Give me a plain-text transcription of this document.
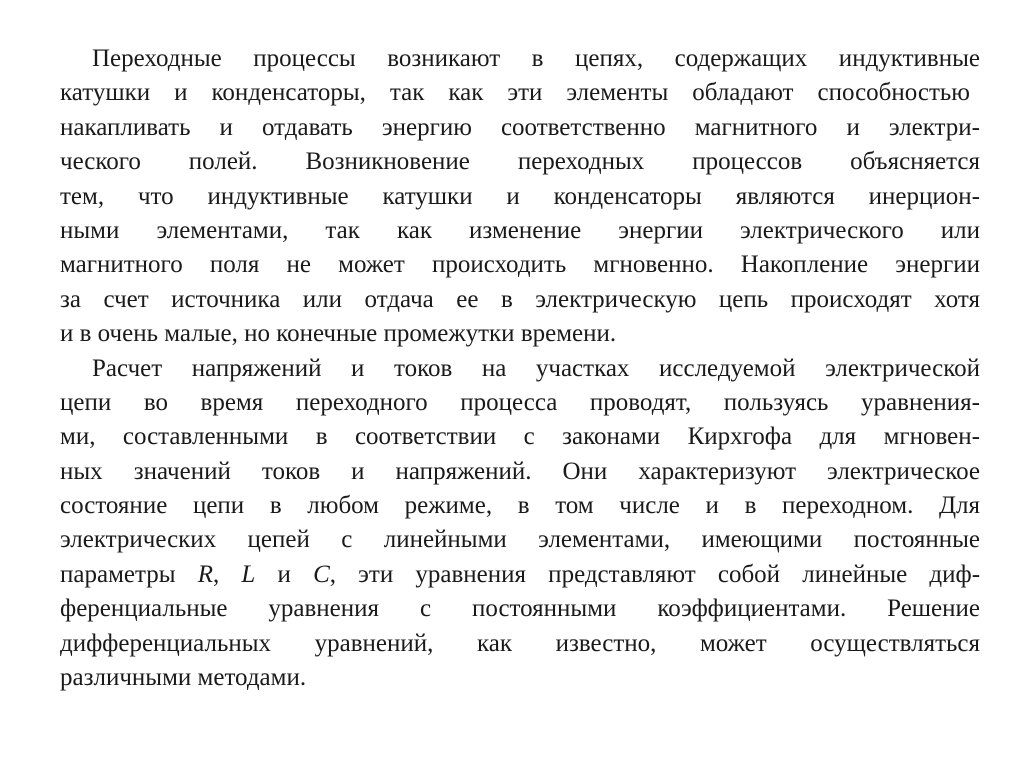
Переходные процессы возникают в цепях, содержащих индуктивные
катушки и конденсаторы, так как эти элементы обладают способностью
накапливать и отдавать энергию соответственно магнитного и электри-
ческого полей. Возникновение переходных процессов объясняется
тем, что индуктивные катушки и конденсаторы являются инерцион-
ными элементами, так как изменение энергии электрического или
магнитного поля не может происходить мгновенно. Накопление энергии
за счет источника или отдача ее в электрическую цепь происходят хотя
и в очень малые, но конечные промежутки времени.
Расчет напряжений и токов на участках исследуемой электрической
цепи во время переходного процесса проводят, пользуясь уравнения-
ми, составленными в соответствии с законами Кирхгофа для мгновен-
ных значений токов и напряжений. Они характеризуют электрическое
состояние цепи в любом режиме, в том числе и в переходном. Для
электрических цепей с линейными элементами, имеющими постоянные
параметры R, L и C, эти уравнения представляют собой линейные диф-
ференциальные уравнения с постоянными коэффициентами. Решение
дифференциальных уравнений, как известно, может осуществляться
различными методами.
